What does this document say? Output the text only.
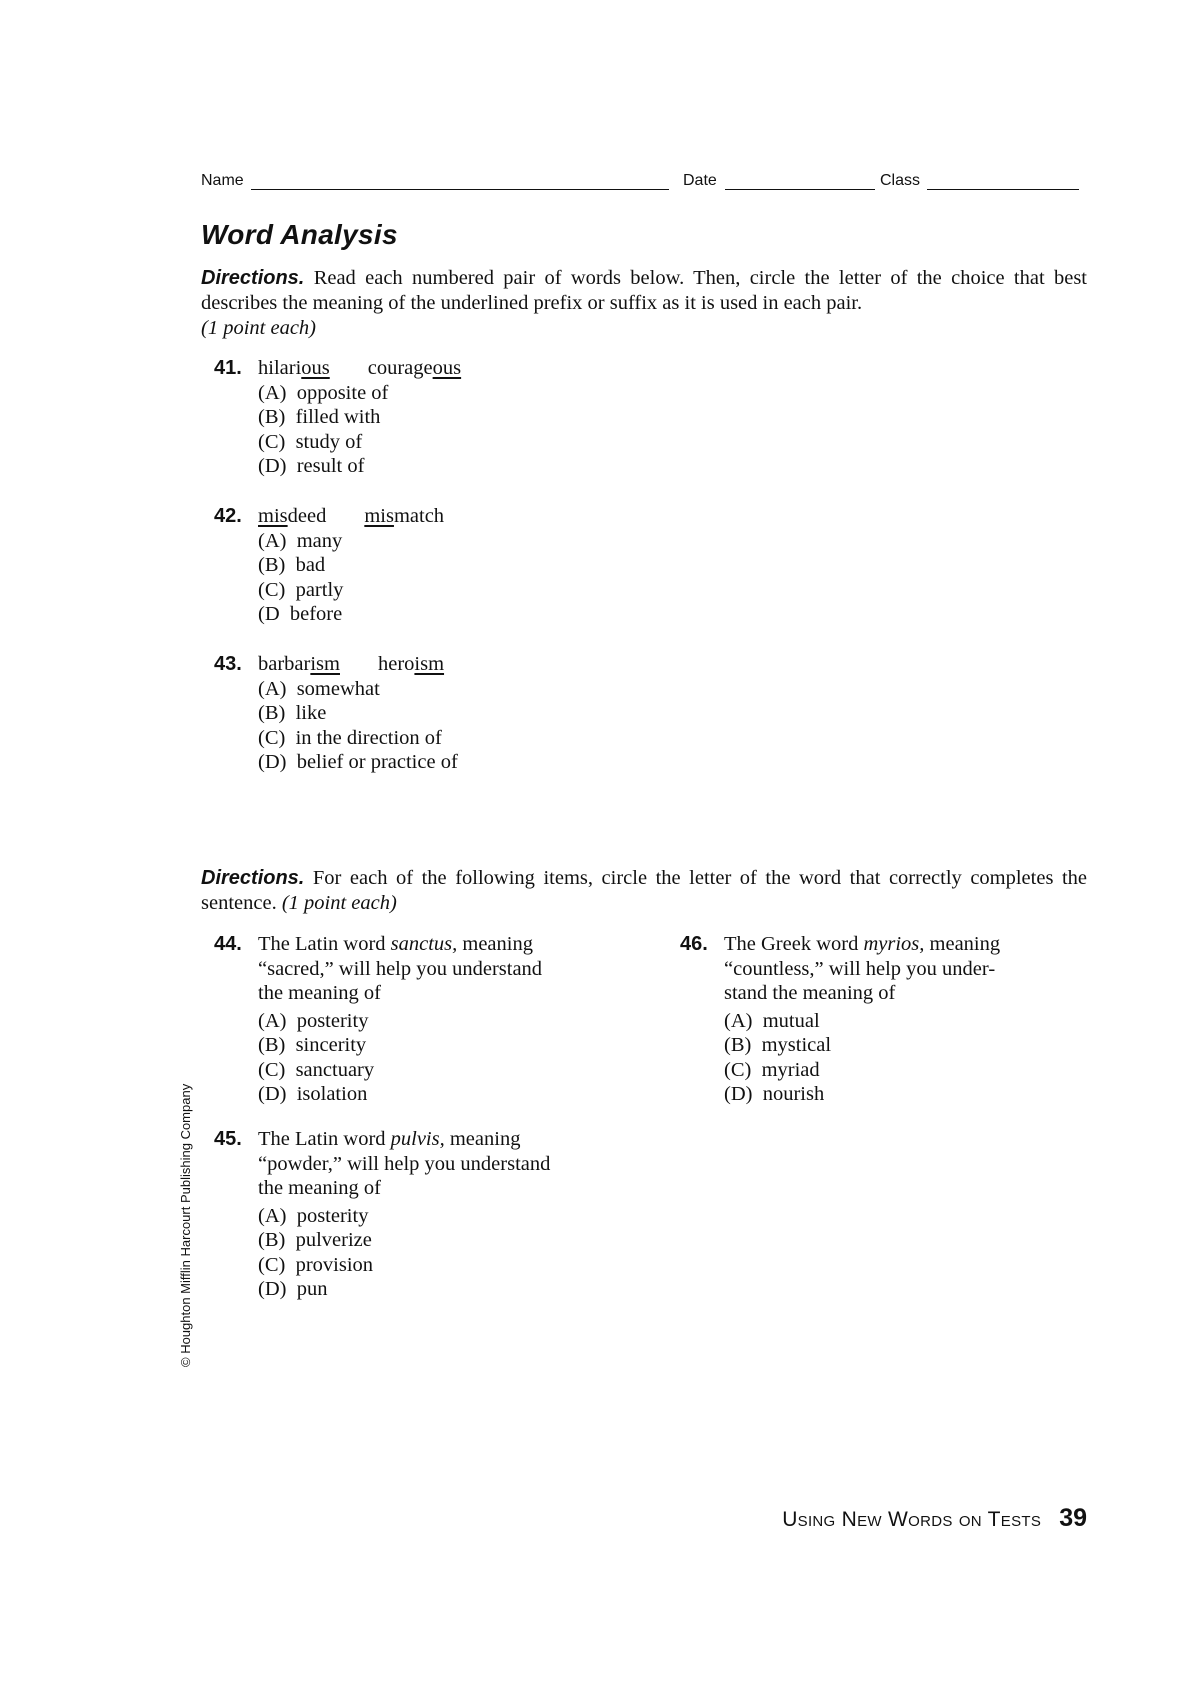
Name	Date	Class
Word Analysis
Directions. Read each numbered pair of words below. Then, circle the letter of the choice that best describes the meaning of the underlined prefix or suffix as it is used in each pair.
(1 point each)
41. hilarious courageous
(A)  opposite of
(B)  filled with
(C)  study of
(D)  result of
42. misdeed mismatch
(A)  many
(B)  bad
(C)  partly
(D  before
43. barbarism heroism
(A)  somewhat
(B)  like
(C)  in the direction of
(D)  belief or practice of
Directions. For each of the following items, circle the letter of the word that correctly completes the sentence. (1 point each)
44. The Latin word sanctus, meaning
“sacred,” will help you understand
the meaning of
(A)  posterity
(B)  sincerity
(C)  sanctuary
(D)  isolation
45. The Latin word pulvis, meaning
“powder,” will help you understand
the meaning of
(A)  posterity
(B)  pulverize
(C)  provision
(D)  pun
46. The Greek word myrios, meaning
“countless,” will help you under-
stand the meaning of
(A)  mutual
(B)  mystical
(C)  myriad
(D)  nourish
© Houghton Mifflin Harcourt Publishing Company
Using New Words on Tests 39
